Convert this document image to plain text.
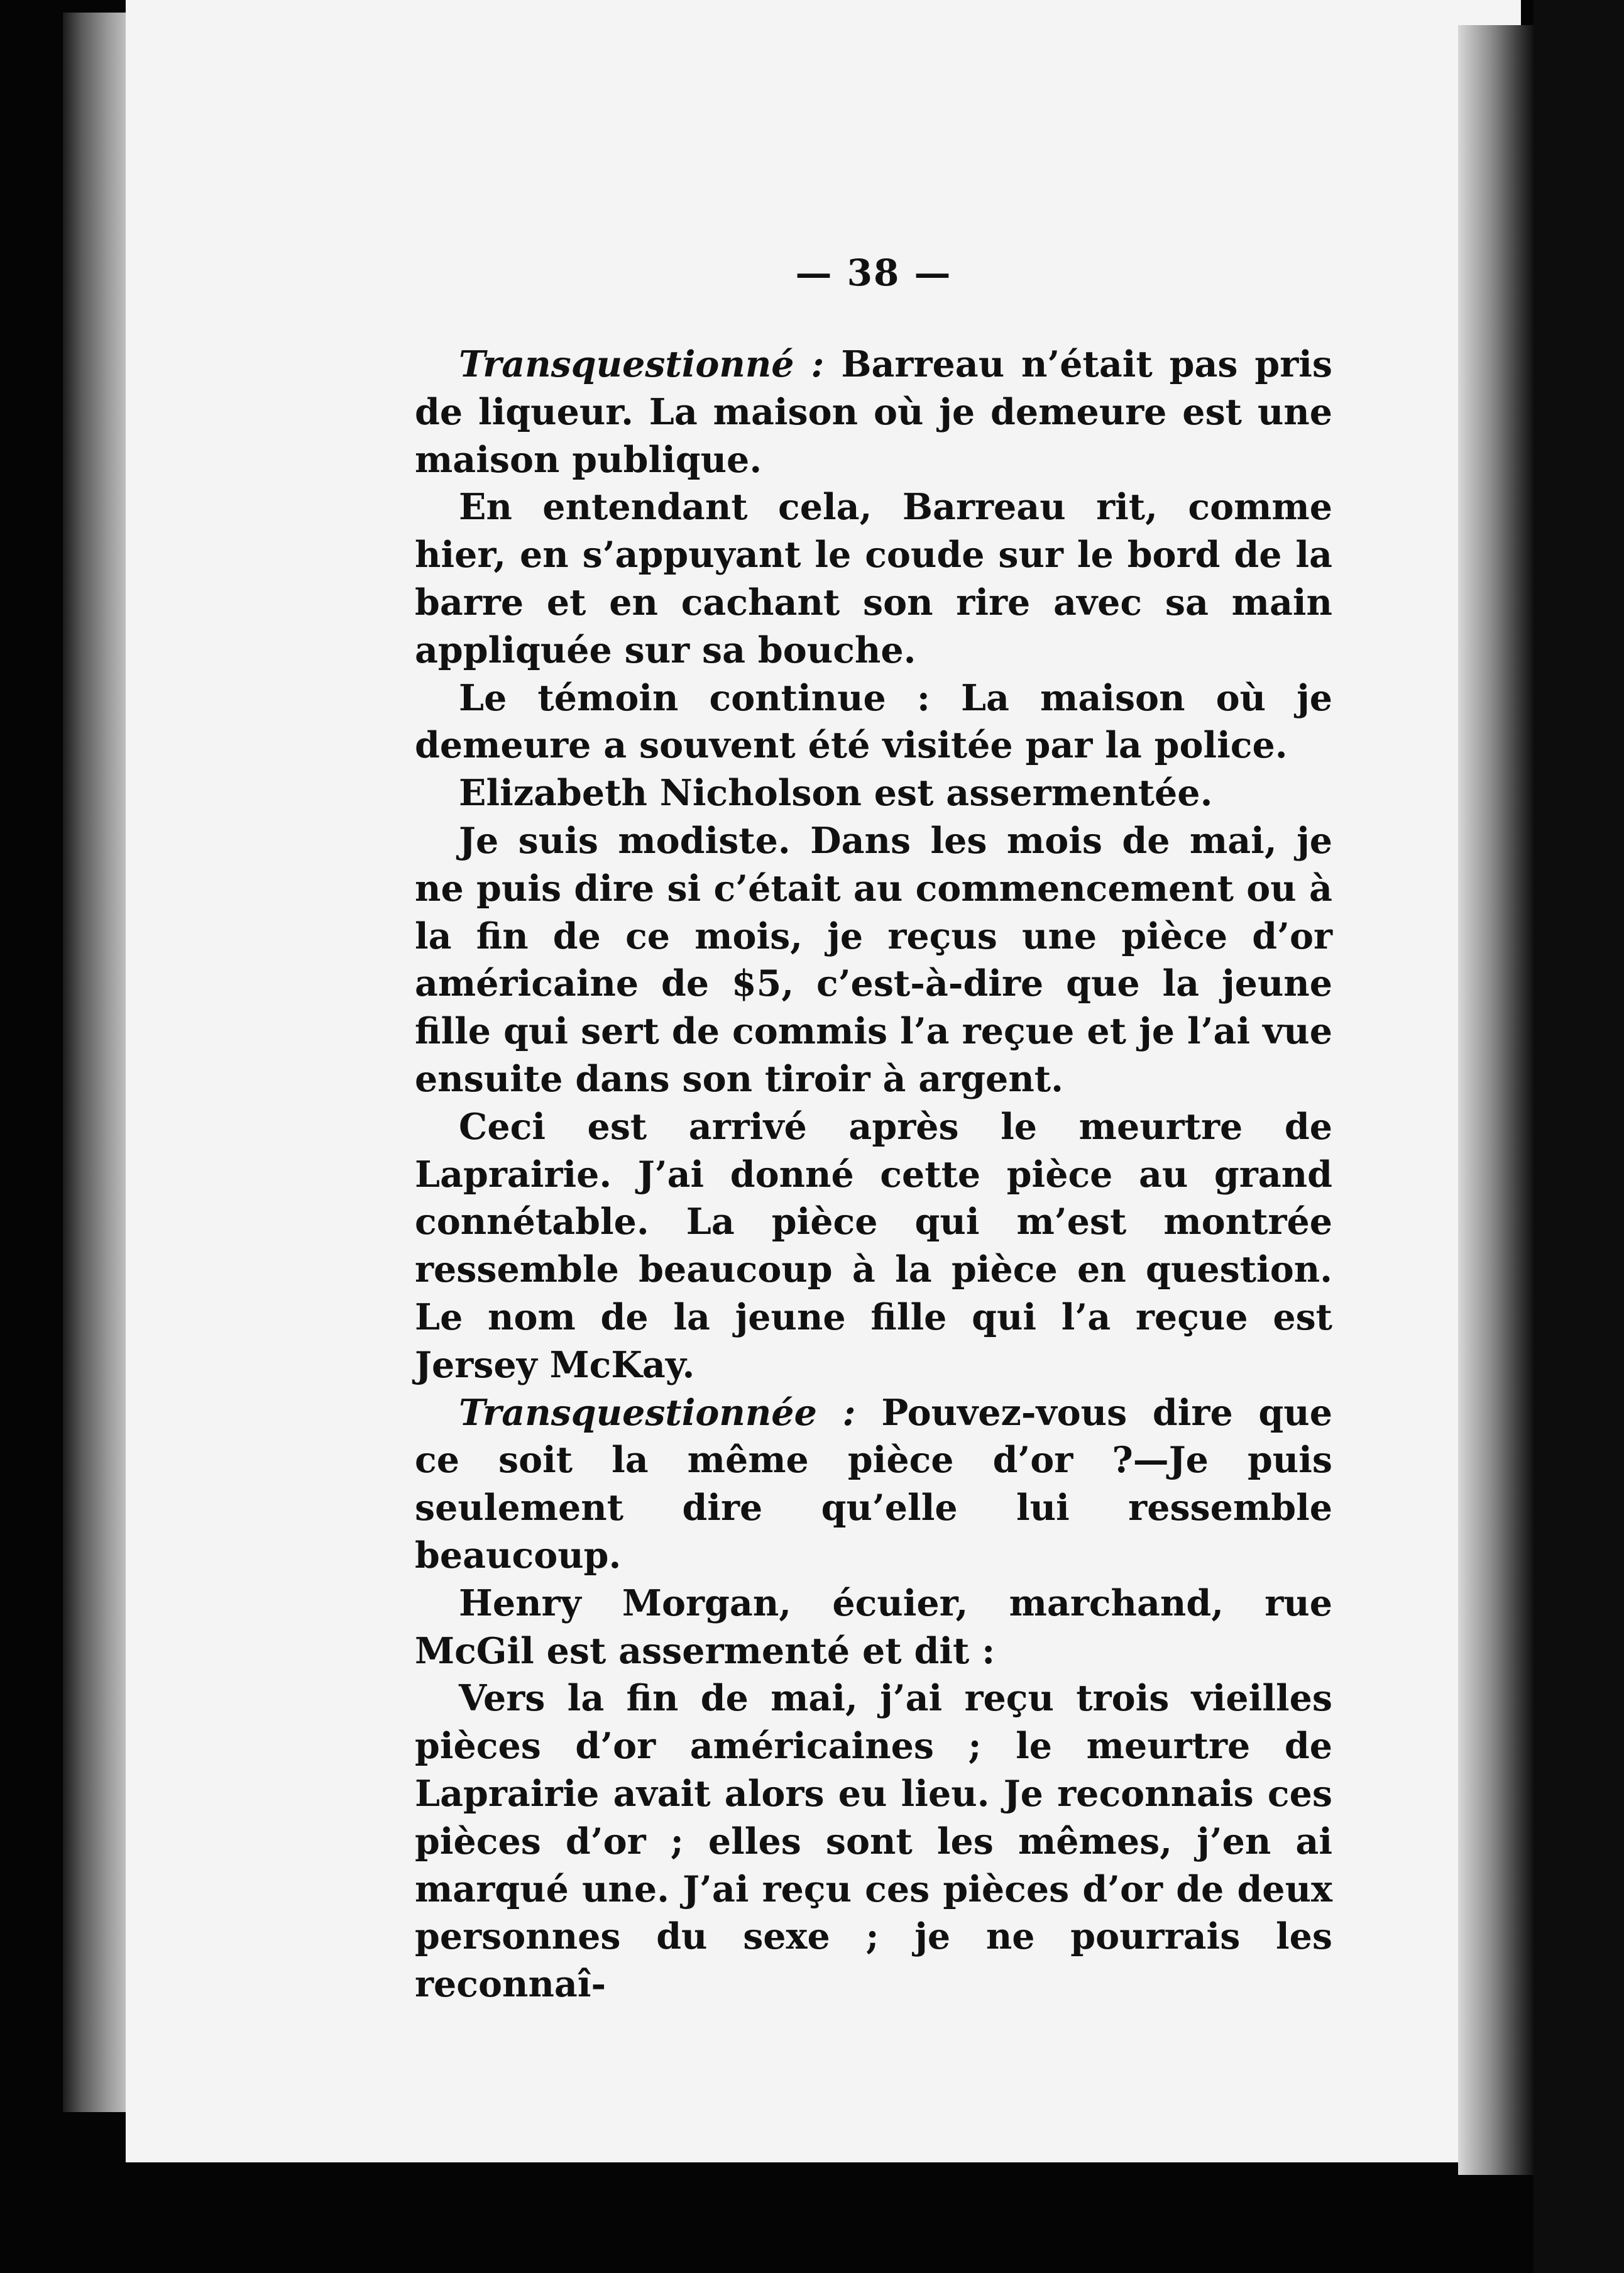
— 38 —

Transquestionné : Barreau n’était pas pris de liqueur. La maison où je demeure est une maison publique.

En entendant cela, Barreau rit, comme hier, en s’appuyant le coude sur le bord de la barre et en cachant son rire avec sa main appliquée sur sa bouche.

Le témoin continue : La maison où je demeure a souvent été visitée par la police.

Elizabeth Nicholson est assermentée.

Je suis modiste. Dans les mois de mai, je ne puis dire si c’était au commencement ou à la fin de ce mois, je reçus une pièce d’or américaine de $5, c’est-à-dire que la jeune fille qui sert de commis l’a reçue et je l’ai vue ensuite dans son tiroir à argent.

Ceci est arrivé après le meurtre de Laprairie. J’ai donné cette pièce au grand connétable. La pièce qui m’est montrée ressemble beaucoup à la pièce en question. Le nom de la jeune fille qui l’a reçue est Jersey McKay.

Transquestionnée : Pouvez-vous dire que ce soit la même pièce d’or ?—Je puis seulement dire qu’elle lui ressemble beaucoup.

Henry Morgan, écuier, marchand, rue McGil est assermenté et dit :

Vers la fin de mai, j’ai reçu trois vieilles pièces d’or américaines ; le meurtre de Laprairie avait alors eu lieu. Je reconnais ces pièces d’or ; elles sont les mêmes, j’en ai marqué une. J’ai reçu ces pièces d’or de deux personnes du sexe ; je ne pourrais les reconnaî-
